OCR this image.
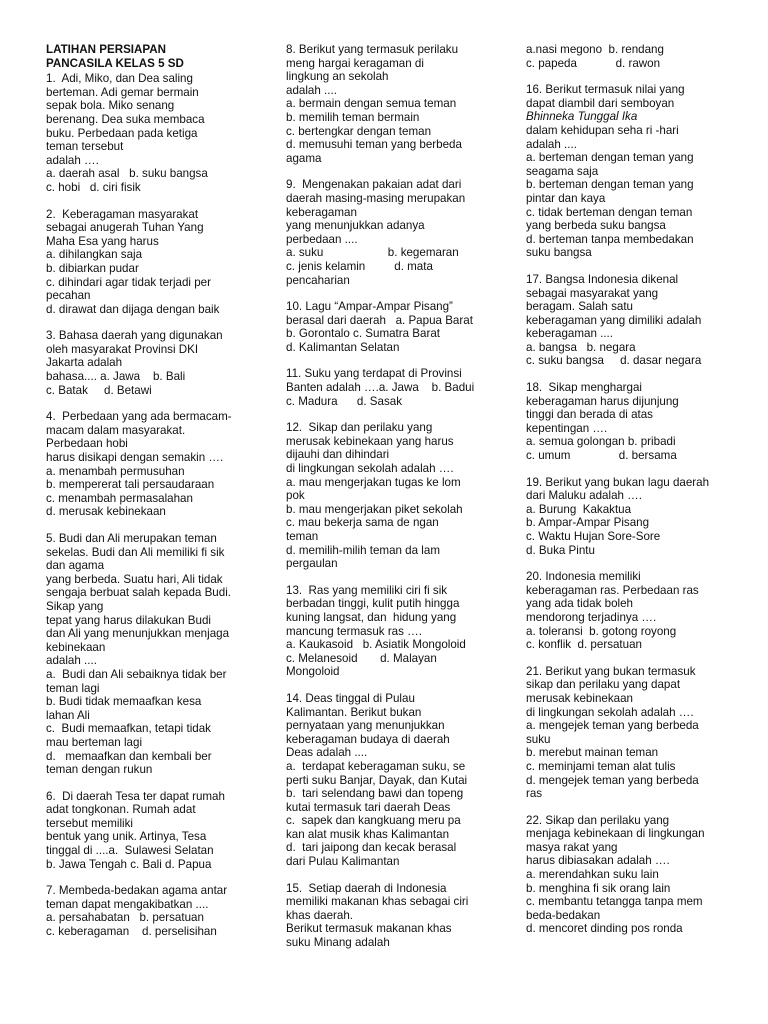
LATIHAN PERSIAPAN
PANCASILA KELAS 5 SD
1.  Adi, Miko, dan Dea saling
berteman. Adi gemar bermain
sepak bola. Miko senang
berenang. Dea suka membaca
buku. Perbedaan pada ketiga
teman tersebut
adalah ….
a. daerah asal   b. suku bangsa
c. hobi   d. ciri fisik
2.  Keberagaman masyarakat
sebagai anugerah Tuhan Yang
Maha Esa yang harus
a. dihilangkan saja
b. dibiarkan pudar
c. dihindari agar tidak terjadi per
pecahan
d. dirawat dan dijaga dengan baik
3. Bahasa daerah yang digunakan
oleh masyarakat Provinsi DKI
Jakarta adalah
bahasa.... a. Jawa    b. Bali
c. Batak     d. Betawi
4.  Perbedaan yang ada bermacam-
macam dalam masyarakat.
Perbedaan hobi
harus disikapi dengan semakin ….
a. menambah permusuhan
b. mempererat tali persaudaraan
c. menambah permasalahan
d. merusak kebinekaan
5. Budi dan Ali merupakan teman
sekelas. Budi dan Ali memiliki fi sik
dan agama
yang berbeda. Suatu hari, Ali tidak
sengaja berbuat salah kepada Budi.
Sikap yang
tepat yang harus dilakukan Budi
dan Ali yang menunjukkan menjaga
kebinekaan
adalah ....
a.  Budi dan Ali sebaiknya tidak ber
teman lagi
b. Budi tidak memaafkan kesa
lahan Ali
c.  Budi memaafkan, tetapi tidak
mau berteman lagi
d.   memaafkan dan kembali ber
teman dengan rukun
6.  Di daerah Tesa ter dapat rumah
adat tongkonan. Rumah adat
tersebut memiliki
bentuk yang unik. Artinya, Tesa
tinggal di ....a.  Sulawesi Selatan
b. Jawa Tengah c. Bali d. Papua
7. Membeda-bedakan agama antar
teman dapat mengakibatkan ....
a. persahabatan   b. persatuan
c. keberagaman    d. perselisihan
8. Berikut yang termasuk perilaku
meng hargai keragaman di
lingkung an sekolah
adalah ....
a. bermain dengan semua teman
b. memilih teman bermain
c. bertengkar dengan teman
d. memusuhi teman yang berbeda
agama
9.  Mengenakan pakaian adat dari
daerah masing-masing merupakan
keberagaman
yang menunjukkan adanya
perbedaan ....
a. suku                    b. kegemaran
c. jenis kelamin         d. mata
pencaharian
10. Lagu “Ampar-Ampar Pisang”
berasal dari daerah   a. Papua Barat
b. Gorontalo c. Sumatra Barat
d. Kalimantan Selatan
11. Suku yang terdapat di Provinsi
Banten adalah ….a. Jawa    b. Badui
c. Madura      d. Sasak
12.  Sikap dan perilaku yang
merusak kebinekaan yang harus
dijauhi dan dihindari
di lingkungan sekolah adalah ….
a. mau mengerjakan tugas ke lom
pok
b. mau mengerjakan piket sekolah
c. mau bekerja sama de ngan
teman
d. memilih-milih teman da lam
pergaulan
13.  Ras yang memiliki ciri fi sik
berbadan tinggi, kulit putih hingga
kuning langsat, dan  hidung yang
mancung termasuk ras ….
a. Kaukasoid   b. Asiatik Mongoloid
c. Melanesoid       d. Malayan
Mongoloid
14. Deas tinggal di Pulau
Kalimantan. Berikut bukan
pernyataan yang menunjukkan
keberagaman budaya di daerah
Deas adalah ....
a.  terdapat keberagaman suku, se
perti suku Banjar, Dayak, dan Kutai
b.  tari selendang bawi dan topeng
kutai termasuk tari daerah Deas
c.  sapek dan kangkuang meru pa
kan alat musik khas Kalimantan
d.  tari jaipong dan kecak berasal
dari Pulau Kalimantan
15.  Setiap daerah di Indonesia
memiliki makanan khas sebagai ciri
khas daerah.
Berikut termasuk makanan khas
suku Minang adalah
a.nasi megono  b. rendang
c. papeda            d. rawon
16. Berikut termasuk nilai yang
dapat diambil dari semboyan
Bhinneka Tunggal Ika
dalam kehidupan seha ri -hari
adalah ....
a. berteman dengan teman yang
seagama saja
b. berteman dengan teman yang
pintar dan kaya
c. tidak berteman dengan teman
yang berbeda suku bangsa
d. berteman tanpa membedakan
suku bangsa
17. Bangsa Indonesia dikenal
sebagai masyarakat yang
beragam. Salah satu
keberagaman yang dimiliki adalah
keberagaman ....
a. bangsa   b. negara
c. suku bangsa     d. dasar negara
18.  Sikap menghargai
keberagaman harus dijunjung
tinggi dan berada di atas
kepentingan ….
a. semua golongan b. pribadi
c. umum               d. bersama
19. Berikut yang bukan lagu daerah
dari Maluku adalah ….
a. Burung  Kakaktua
b. Ampar-Ampar Pisang
c. Waktu Hujan Sore-Sore
d. Buka Pintu
20. Indonesia memiliki
keberagaman ras. Perbedaan ras
yang ada tidak boleh
mendorong terjadinya ….
a. toleransi  b. gotong royong
c. konflik  d. persatuan
21. Berikut yang bukan termasuk
sikap dan perilaku yang dapat
merusak kebinekaan
di lingkungan sekolah adalah ….
a. mengejek teman yang berbeda
suku
b. merebut mainan teman
c. meminjami teman alat tulis
d. mengejek teman yang berbeda
ras
22. Sikap dan perilaku yang
menjaga kebinekaan di lingkungan
masya rakat yang
harus dibiasakan adalah ….
a. merendahkan suku lain
b. menghina fi sik orang lain
c. membantu tetangga tanpa mem
beda-bedakan
d. mencoret dinding pos ronda
